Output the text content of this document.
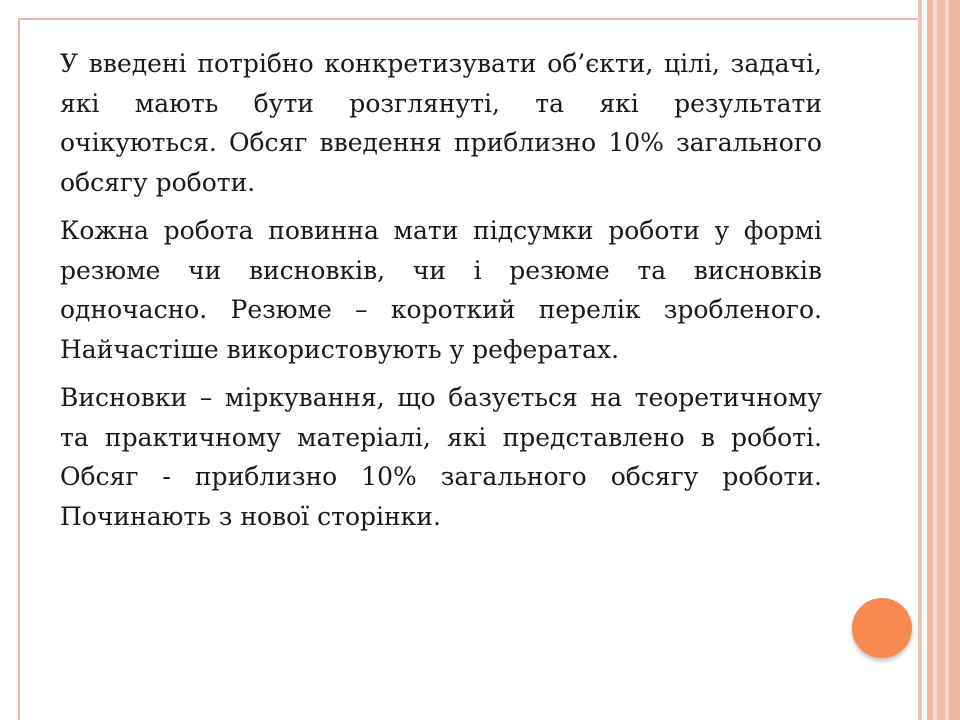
У введені потрібно конкретизувати об’єкти, цілі, задачі, які мають бути розглянуті, та які результати очікуються. Обсяг введення приблизно 10% загального обсягу роботи.

Кожна робота повинна мати підсумки роботи у формі резюме чи висновків, чи і резюме та висновків одночасно. Резюме – короткий перелік зробленого. Найчастіше використовують у рефератах.

Висновки – міркування, що базується на теоретичному та практичному матеріалі, які представлено в роботі. Обсяг - приблизно 10% загального обсягу роботи. Починають з нової сторінки.
